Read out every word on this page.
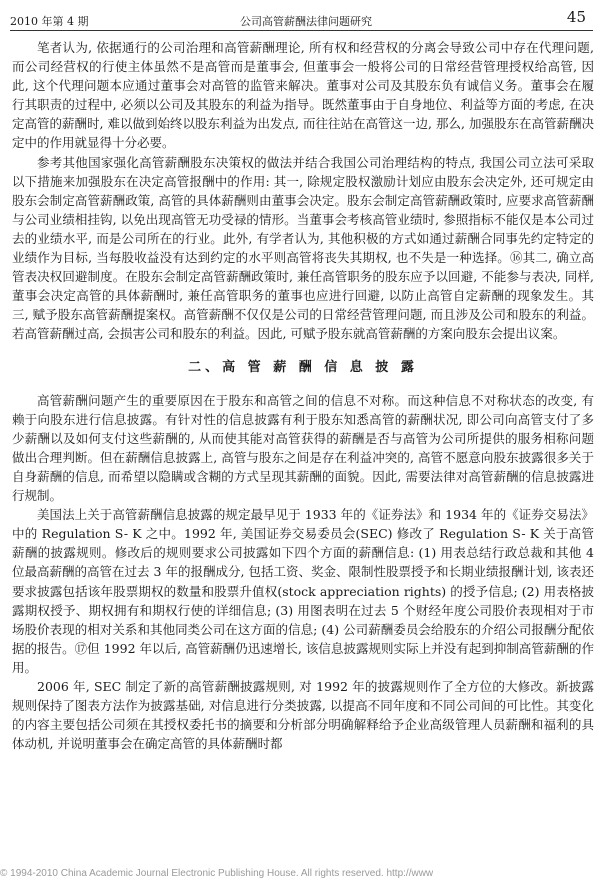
2010 年第 4 期	公司高管薪酬法律问题研究	45

笔者认为, 依据通行的公司治理和高管薪酬理论, 所有权和经营权的分离会导致公司中存在代理问题, 而公司经营权的行使主体虽然不是高管而是董事会, 但董事会一般将公司的日常经营管理授权给高管, 因此, 这个代理问题本应通过董事会对高管的监管来解决。董事对公司及其股东负有诚信义务。董事会在履行其职责的过程中, 必须以公司及其股东的利益为指导。既然董事由于自身地位、利益等方面的考虑, 在决定高管的薪酬时, 难以做到始终以股东利益为出发点, 而往往站在高管这一边, 那么, 加强股东在高管薪酬决定中的作用就显得十分必要。

参考其他国家强化高管薪酬股东决策权的做法并结合我国公司治理结构的特点, 我国公司立法可采取以下措施来加强股东在决定高管报酬中的作用: 其一, 除规定股权激励计划应由股东会决定外, 还可规定由股东会制定高管薪酬政策, 高管的具体薪酬则由董事会决定。股东会制定高管薪酬政策时, 应要求高管薪酬与公司业绩相挂钩, 以免出现高管无功受禄的情形。当董事会考核高管业绩时, 参照指标不能仅是本公司过去的业绩水平, 而是公司所在的行业。此外, 有学者认为, 其他积极的方式如通过薪酬合同事先约定特定的业绩作为目标, 当每股收益没有达到约定的水平则高管将丧失其期权, 也不失是一种选择。⑯其二, 确立高管表决权回避制度。在股东会制定高管薪酬政策时, 兼任高管职务的股东应予以回避, 不能参与表决, 同样, 董事会决定高管的具体薪酬时, 兼任高管职务的董事也应进行回避, 以防止高管自定薪酬的现象发生。其三, 赋予股东高管薪酬提案权。高管薪酬不仅仅是公司的日常经营管理问题, 而且涉及公司和股东的利益。若高管薪酬过高, 会损害公司和股东的利益。因此, 可赋予股东就高管薪酬的方案向股东会提出议案。

二、高 管 薪 酬 信 息 披 露

高管薪酬问题产生的重要原因在于股东和高管之间的信息不对称。而这种信息不对称状态的改变, 有赖于向股东进行信息披露。有针对性的信息披露有利于股东知悉高管的薪酬状况, 即公司向高管支付了多少薪酬以及如何支付这些薪酬的, 从而使其能对高管获得的薪酬是否与高管为公司所提供的服务相称问题做出合理判断。但在薪酬信息披露上, 高管与股东之间是存在利益冲突的, 高管不愿意向股东披露很多关于自身薪酬的信息, 而希望以隐瞒或含糊的方式呈现其薪酬的面貌。因此, 需要法律对高管薪酬的信息披露进行规制。

美国法上关于高管薪酬信息披露的规定最早见于 1933 年的《证券法》和 1934 年的《证券交易法》中的 Regulation S- K 之中。1992 年, 美国证券交易委员会(SEC) 修改了 Regulation S- K 关于高管薪酬的披露规则。修改后的规则要求公司披露如下四个方面的薪酬信息: (1) 用表总结行政总裁和其他 4 位最高薪酬的高管在过去 3 年的报酬成分, 包括工资、奖金、限制性股票授予和长期业绩报酬计划, 该表还要求披露包括该年股票期权的数量和股票升值权(stock appreciation rights) 的授予信息; (2) 用表格披露期权授予、期权拥有和期权行使的详细信息; (3) 用图表明在过去 5 个财经年度公司股价表现相对于市场股价表现的相对关系和其他同类公司在这方面的信息; (4) 公司薪酬委员会给股东的介绍公司报酬分配依据的报告。⑰但 1992 年以后, 高管薪酬仍迅速增长, 该信息披露规则实际上并没有起到抑制高管薪酬的作用。

2006 年, SEC 制定了新的高管薪酬披露规则, 对 1992 年的披露规则作了全方位的大修改。新披露规则保持了图表方法作为披露基础, 对信息进行分类披露, 以提高不同年度和不同公司间的可比性。其变化的内容主要包括公司须在其授权委托书的摘要和分析部分明确解释给予企业高级管理人员薪酬和福利的具体动机, 并说明董事会在确定高管的具体薪酬时都

© 1994-2010 China Academic Journal Electronic Publishing House. All rights reserved. http://www
